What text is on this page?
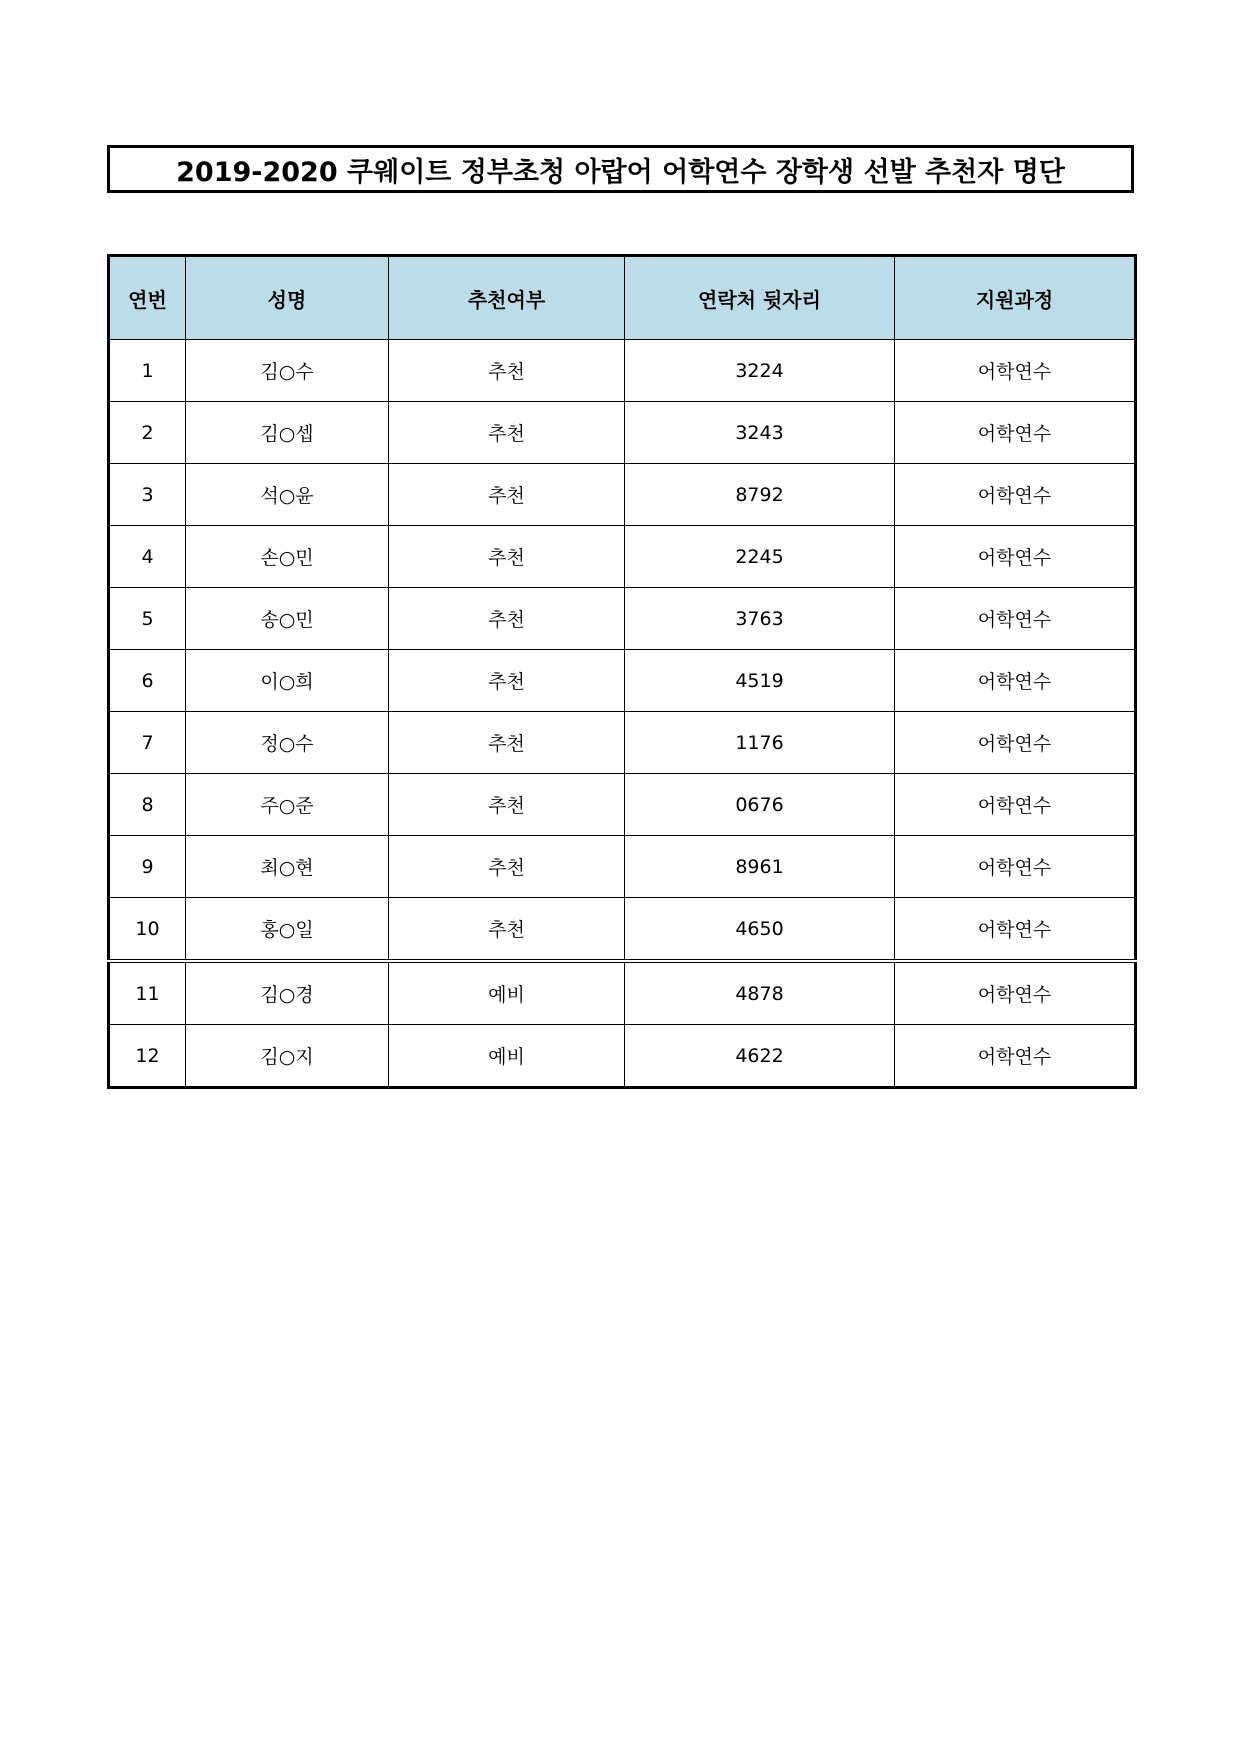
2019-2020 쿠웨이트 정부초청 아랍어 어학연수 장학생 선발 추천자 명단
연번	성명	추천여부	연락처 뒷자리	지원과정
1	김○수	추천	3224	어학연수
2	김○셉	추천	3243	어학연수
3	석○윤	추천	8792	어학연수
4	손○민	추천	2245	어학연수
5	송○민	추천	3763	어학연수
6	이○희	추천	4519	어학연수
7	정○수	추천	1176	어학연수
8	주○준	추천	0676	어학연수
9	최○현	추천	8961	어학연수
10	홍○일	추천	4650	어학연수
11	김○경	예비	4878	어학연수
12	김○지	예비	4622	어학연수
